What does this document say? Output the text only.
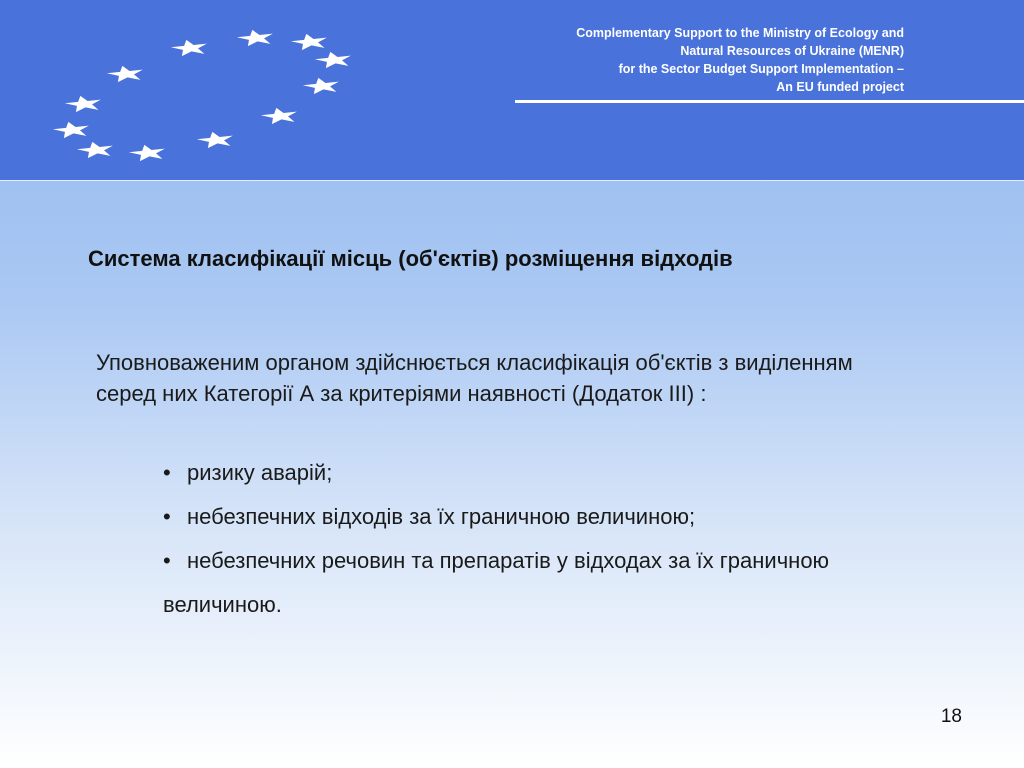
Complementary Support to the Ministry of Ecology and
Natural Resources of Ukraine (MENR)
for the Sector Budget Support Implementation –
An EU funded project
Система класифікації місць (об'єктів) розміщення відходів

Уповноваженим органом здійснюється класифікація об'єктів з виділенням серед них Категорії А за критеріями наявності (Додаток ІІІ) :

• ризику аварій;
• небезпечних відходів за їх граничною величиною;
• небезпечних речовин та препаратів у відходах за їх граничною
величиною.
18
